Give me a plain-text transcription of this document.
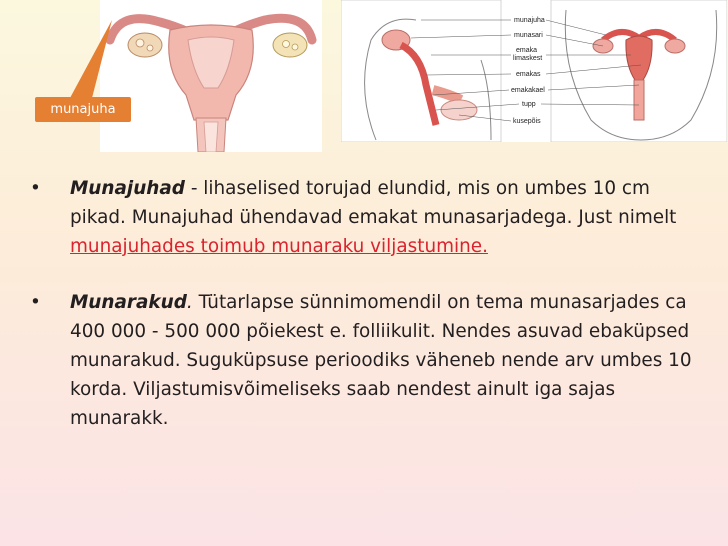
munajuha
munasari
emaka
limaskest
emakas
emakakael
tupp
kusepõis
munajuha
• Munajuhad - lihaselised torujad elundid, mis on umbes 10 cm pikad. Munajuhad ühendavad emakat munasarjadega. Just nimelt munajuhades toimub munaraku viljastumine.
• Munarakud. Tütarlapse sünnimomendil on tema munasarjades ca 400 000 - 500 000 põiekest e. folliikulit. Nendes asuvad ebaküpsed munarakud. Suguküpsuse perioodiks väheneb nende arv umbes 10 korda. Viljastumisvõimeliseks saab nendest ainult iga sajas munarakk.
